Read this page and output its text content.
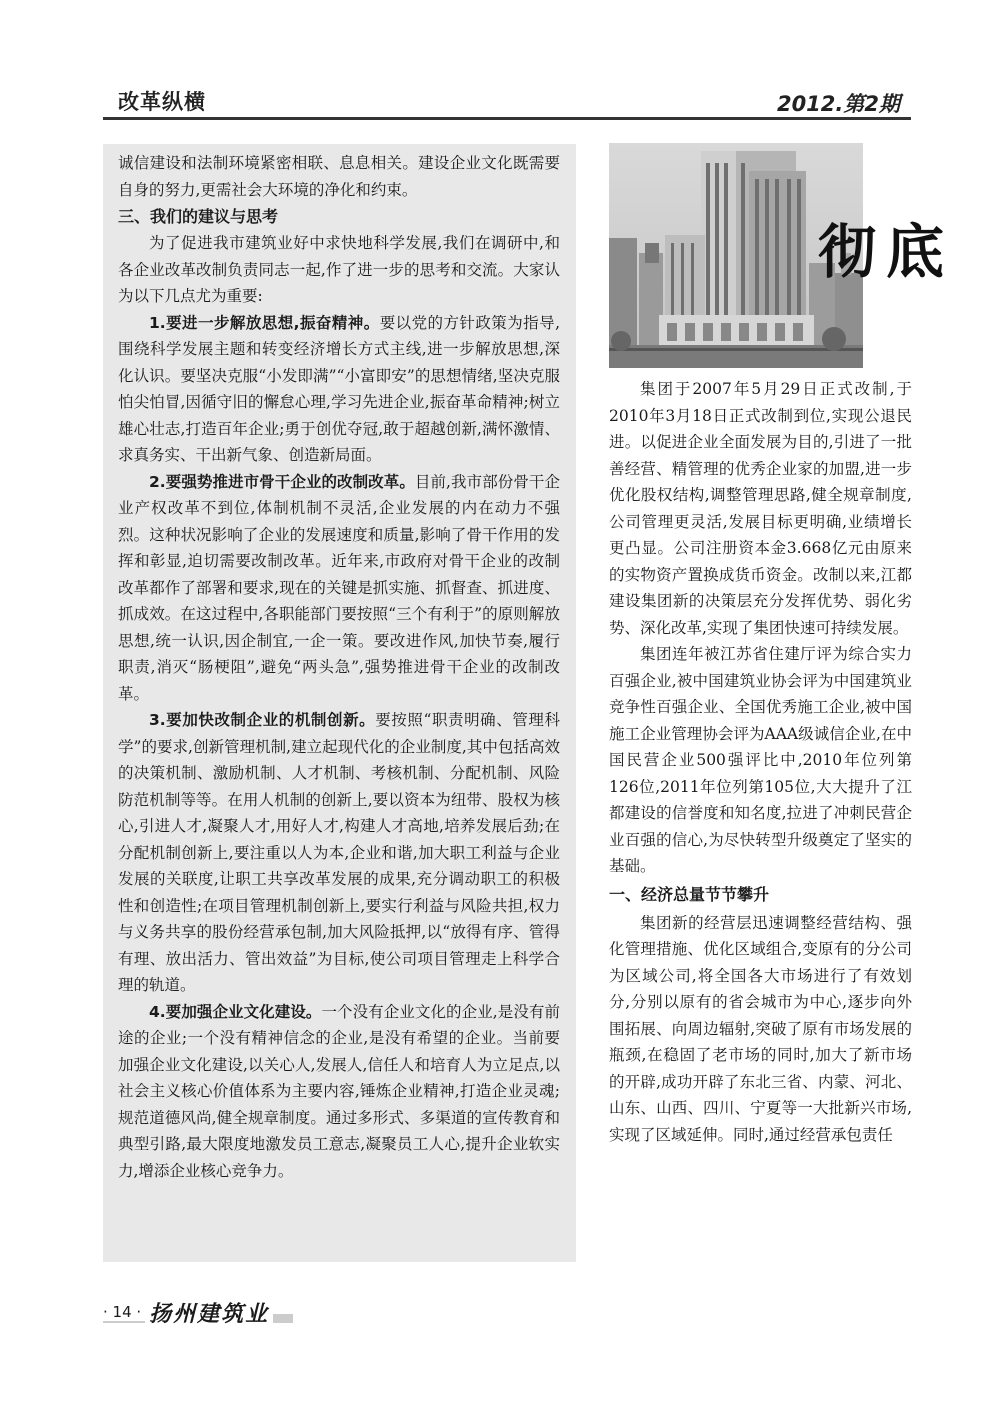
改革纵横	2012.第2期

诚信建设和法制环境紧密相联、息息相关。建设企业文化既需要自身的努力,更需社会大环境的净化和约束。

三、我们的建议与思考

为了促进我市建筑业好中求快地科学发展,我们在调研中,和各企业改革改制负责同志一起,作了进一步的思考和交流。大家认为以下几点尤为重要:

1.要进一步解放思想,振奋精神。要以党的方针政策为指导,围绕科学发展主题和转变经济增长方式主线,进一步解放思想,深化认识。要坚决克服“小发即满”“小富即安”的思想情绪,坚决克服怕尖怕冒,因循守旧的懈怠心理,学习先进企业,振奋革命精神;树立雄心壮志,打造百年企业;勇于创优夺冠,敢于超越创新,满怀激情、求真务实、干出新气象、创造新局面。

2.要强势推进市骨干企业的改制改革。目前,我市部份骨干企业产权改革不到位,体制机制不灵活,企业发展的内在动力不强烈。这种状况影响了企业的发展速度和质量,影响了骨干作用的发挥和彰显,迫切需要改制改革。近年来,市政府对骨干企业的改制改革都作了部署和要求,现在的关键是抓实施、抓督查、抓进度、抓成效。在这过程中,各职能部门要按照“三个有利于”的原则解放思想,统一认识,因企制宜,一企一策。要改进作风,加快节奏,履行职责,消灭“肠梗阻”,避免“两头急”,强势推进骨干企业的改制改革。

3.要加快改制企业的机制创新。要按照“职责明确、管理科学”的要求,创新管理机制,建立起现代化的企业制度,其中包括高效的决策机制、激励机制、人才机制、考核机制、分配机制、风险防范机制等等。在用人机制的创新上,要以资本为纽带、股权为核心,引进人才,凝聚人才,用好人才,构建人才高地,培养发展后劲;在分配机制创新上,要注重以人为本,企业和谐,加大职工利益与企业发展的关联度,让职工共享改革发展的成果,充分调动职工的积极性和创造性;在项目管理机制创新上,要实行利益与风险共担,权力与义务共享的股份经营承包制,加大风险抵押,以“放得有序、管得有理、放出活力、管出效益”为目标,使公司项目管理走上科学合理的轨道。

4.要加强企业文化建设。一个没有企业文化的企业,是没有前途的企业;一个没有精神信念的企业,是没有希望的企业。当前要加强企业文化建设,以关心人,发展人,信任人和培育人为立足点,以社会主义核心价值体系为主要内容,锤炼企业精神,打造企业灵魂;规范道德风尚,健全规章制度。通过多形式、多渠道的宣传教育和典型引路,最大限度地激发员工意志,凝聚员工人心,提升企业软实力,增添企业核心竞争力。

彻底

集团于2007年5月29日正式改制,于2010年3月18日正式改制到位,实现公退民进。以促进企业全面发展为目的,引进了一批善经营、精管理的优秀企业家的加盟,进一步优化股权结构,调整管理思路,健全规章制度,公司管理更灵活,发展目标更明确,业绩增长更凸显。公司注册资本金3.668亿元由原来的实物资产置换成货币资金。改制以来,江都建设集团新的决策层充分发挥优势、弱化劣势、深化改革,实现了集团快速可持续发展。

集团连年被江苏省住建厅评为综合实力百强企业,被中国建筑业协会评为中国建筑业竞争性百强企业、全国优秀施工企业,被中国施工企业管理协会评为AAA级诚信企业,在中国民营企业500强评比中,2010年位列第126位,2011年位列第105位,大大提升了江都建设的信誉度和知名度,拉进了冲刺民营企业百强的信心,为尽快转型升级奠定了坚实的基础。

一、经济总量节节攀升

集团新的经营层迅速调整经营结构、强化管理措施、优化区域组合,变原有的分公司为区域公司,将全国各大市场进行了有效划分,分别以原有的省会城市为中心,逐步向外围拓展、向周边辐射,突破了原有市场发展的瓶颈,在稳固了老市场的同时,加大了新市场的开辟,成功开辟了东北三省、内蒙、河北、山东、山西、四川、宁夏等一大批新兴市场,实现了区域延伸。同时,通过经营承包责任

· 14 · 扬州建筑业
